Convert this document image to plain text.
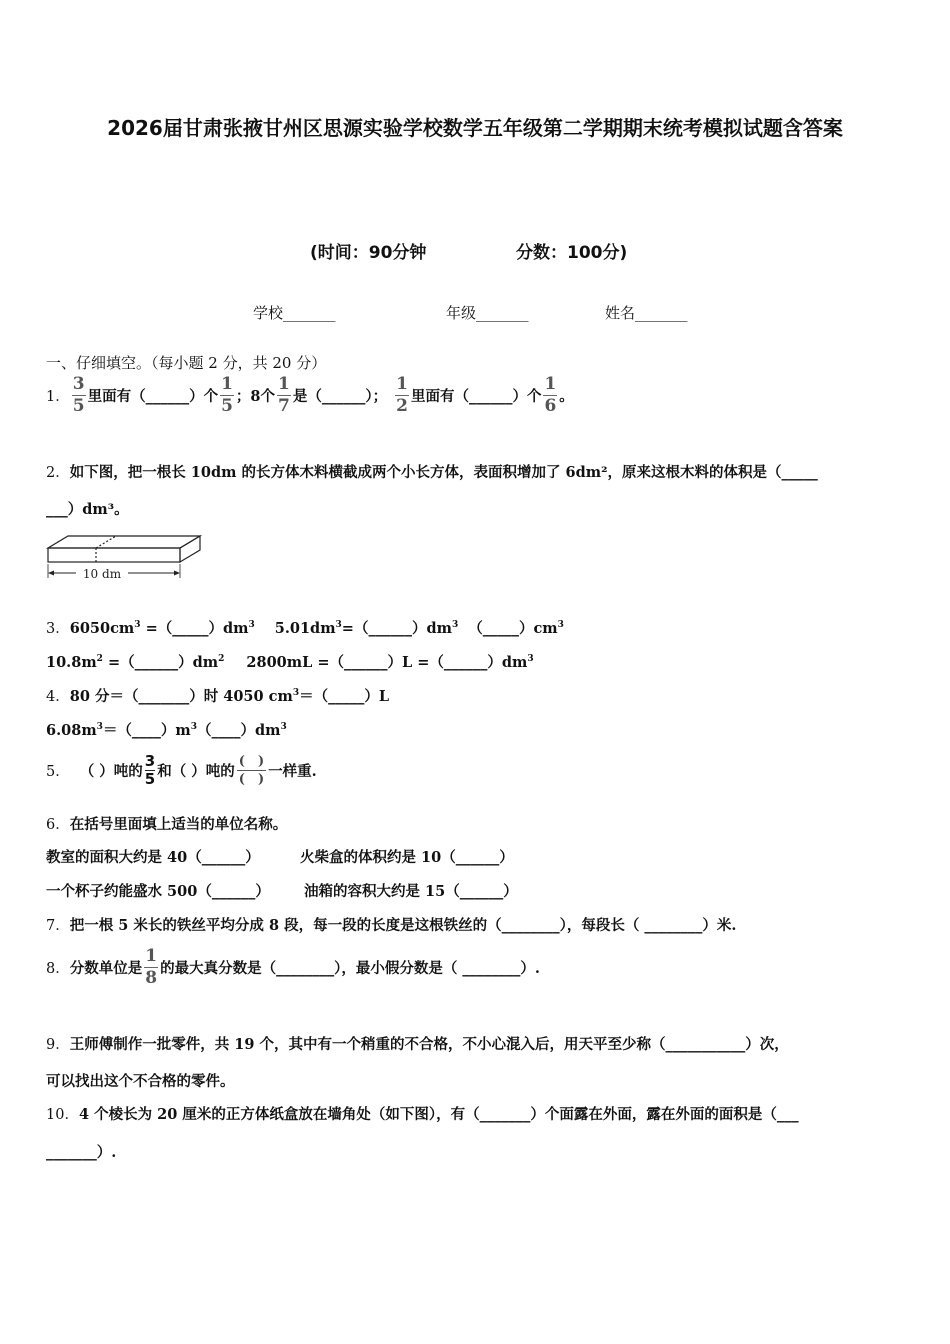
2026届甘肃张掖甘州区思源实验学校数学五年级第二学期期末统考模拟试题含答案
(时间：90分钟	分数：100分)
学校_______	年级_______	姓名_______
一、仔细填空。（每小题 2 分，共 20 分）
1． $\frac{3}{5}$ 里面有（______）个 $\frac{1}{5}$ ；8个 $\frac{1}{7}$ 是（______）； $\frac{1}{2}$ 里面有（______）个 $\frac{1}{6}$ 。
2．如下图，把一根长 10dm 的长方体木料横截成两个小长方体，表面积增加了 6dm²，原来这根木料的体积是（_____
___）dm³。
10 dm
3．$6050cm^3$ $=(\_\_\_\_\_)dm^3$ $5.01dm^3=(\_\_\_\_\_\_)dm^3$ $(\_\_\_\_\_)cm^3$
$10.8m^2$ $=(\_\_\_\_\_\_)dm^2$ 2800mL =（______）L $=(\_\_\_\_\_\_)dm^3$
4．80 分＝（_______）时 4050 $cm^3=(\_\_\_\_\_)L$
$6.08m^3=(\_\_\_\_)m^3(\_\_\_\_)dm^3$
5． （ ）吨的
3
5 和（ ）吨的
(　)
(　) 一样重.
6．在括号里面填上适当的单位名称。
教室的面积大约是 40（______）	火柴盒的体积约是 10（______）
一个杯子约能盛水 500（______） 油箱的容积大约是 15（______）
7．把一根 5 米长的铁丝平均分成 8 段，每一段的长度是这根铁丝的（________），每段长（ ________）米.
8． 分数单位是 $\frac{1}{8}$ 的最大真分数是（________），最小假分数是（ ________）.
9．王师傅制作一批零件，共 19 个，其中有一个稍重的不合格，不小心混入后，用天平至少称（___________）次，
可以找出这个不合格的零件。
10．4 个棱长为 20 厘米的正方体纸盒放在墙角处（如下图），有（_______）个面露在外面，露在外面的面积是（___
_______）.
